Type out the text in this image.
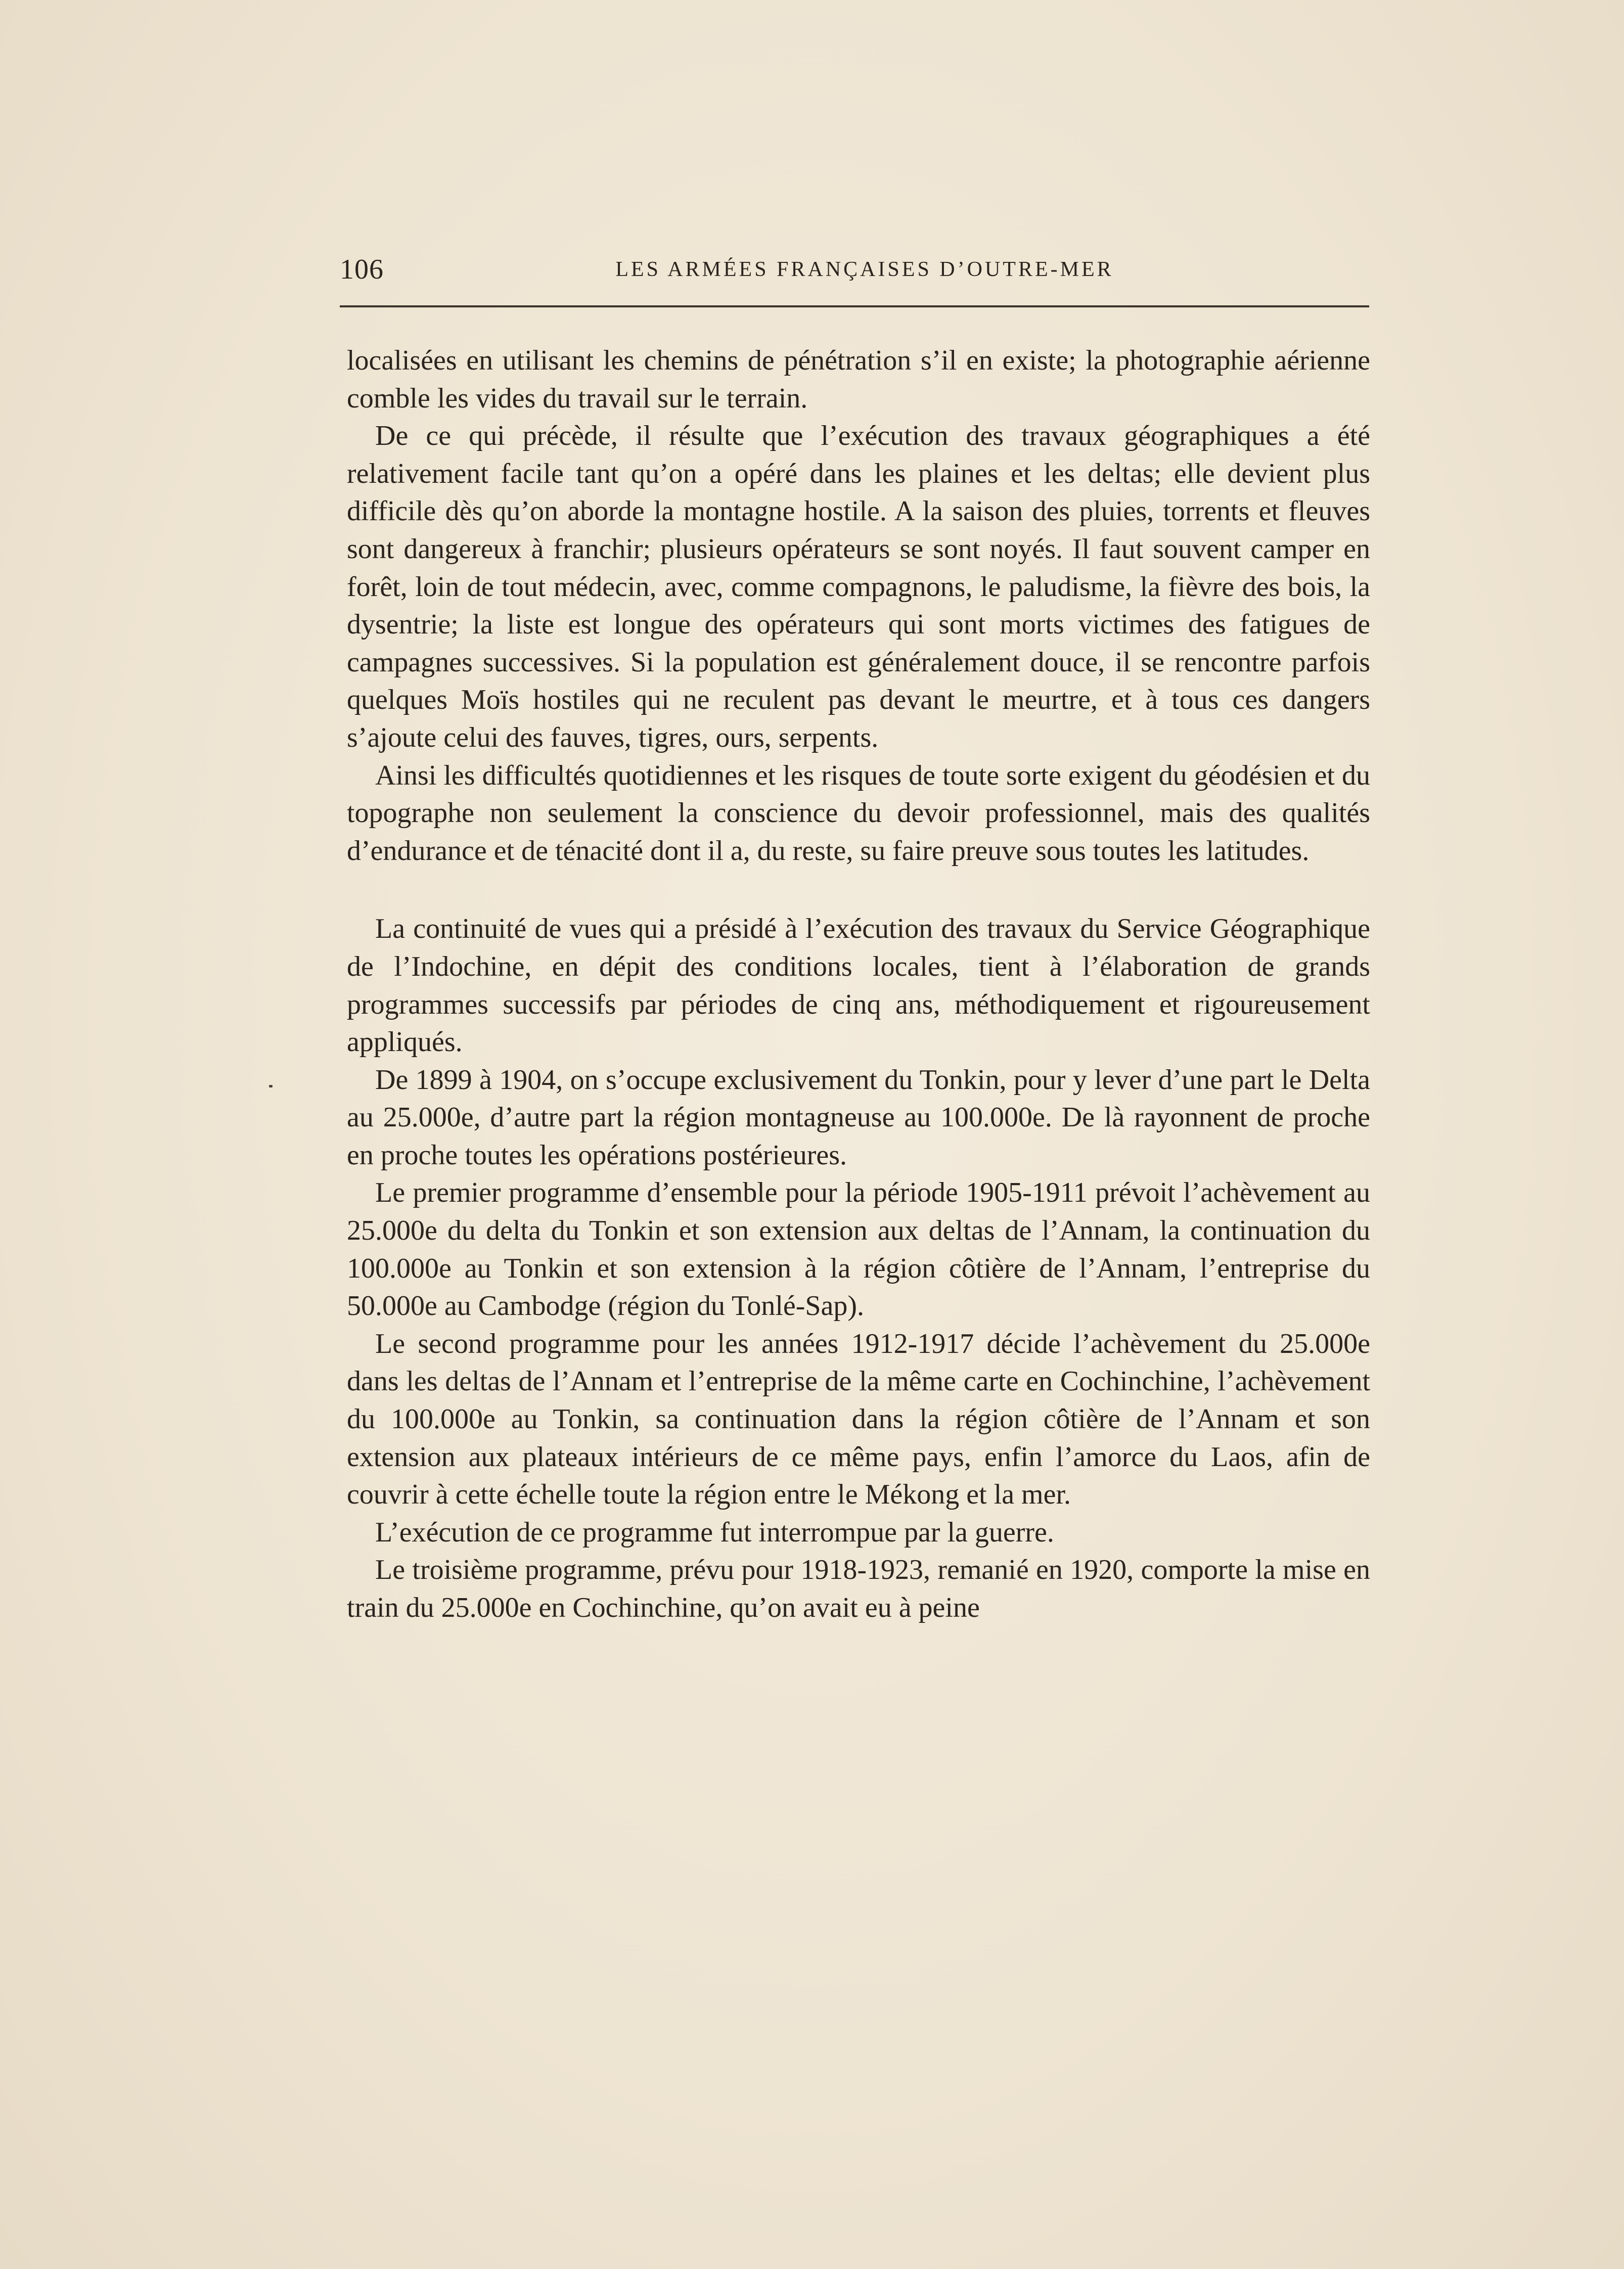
106	LES ARMÉES FRANÇAISES D’OUTRE-MER

localisées en utilisant les chemins de pénétration s’il en existe; la photographie aérienne comble les vides du travail sur le terrain.

De ce qui précède, il résulte que l’exécution des travaux géographiques a été relativement facile tant qu’on a opéré dans les plaines et les deltas; elle devient plus difficile dès qu’on aborde la montagne hostile. A la saison des pluies, torrents et fleuves sont dangereux à franchir; plusieurs opérateurs se sont noyés. Il faut souvent camper en forêt, loin de tout médecin, avec, comme compagnons, le paludisme, la fièvre des bois, la dysentrie; la liste est longue des opérateurs qui sont morts victimes des fatigues de campagnes successives. Si la population est généralement douce, il se rencontre parfois quelques Moïs hostiles qui ne reculent pas devant le meurtre, et à tous ces dangers s’ajoute celui des fauves, tigres, ours, serpents.

Ainsi les difficultés quotidiennes et les risques de toute sorte exigent du géodésien et du topographe non seulement la conscience du devoir professionnel, mais des qualités d’endurance et de ténacité dont il a, du reste, su faire preuve sous toutes les latitudes.

La continuité de vues qui a présidé à l’exécution des travaux du Service Géographique de l’Indochine, en dépit des conditions locales, tient à l’élaboration de grands programmes successifs par périodes de cinq ans, méthodiquement et rigoureusement appliqués.

De 1899 à 1904, on s’occupe exclusivement du Tonkin, pour y lever d’une part le Delta au 25.000e, d’autre part la région montagneuse au 100.000e. De là rayonnent de proche en proche toutes les opérations postérieures.

Le premier programme d’ensemble pour la période 1905-1911 prévoit l’achèvement au 25.000e du delta du Tonkin et son extension aux deltas de l’Annam, la continuation du 100.000e au Tonkin et son extension à la région côtière de l’Annam, l’entreprise du 50.000e au Cambodge (région du Tonlé-Sap).

Le second programme pour les années 1912-1917 décide l’achèvement du 25.000e dans les deltas de l’Annam et l’entreprise de la même carte en Cochinchine, l’achèvement du 100.000e au Tonkin, sa continuation dans la région côtière de l’Annam et son extension aux plateaux intérieurs de ce même pays, enfin l’amorce du Laos, afin de couvrir à cette échelle toute la région entre le Mékong et la mer.

L’exécution de ce programme fut interrompue par la guerre.

Le troisième programme, prévu pour 1918-1923, remanié en 1920, comporte la mise en train du 25.000e en Cochinchine, qu’on avait eu à peine
